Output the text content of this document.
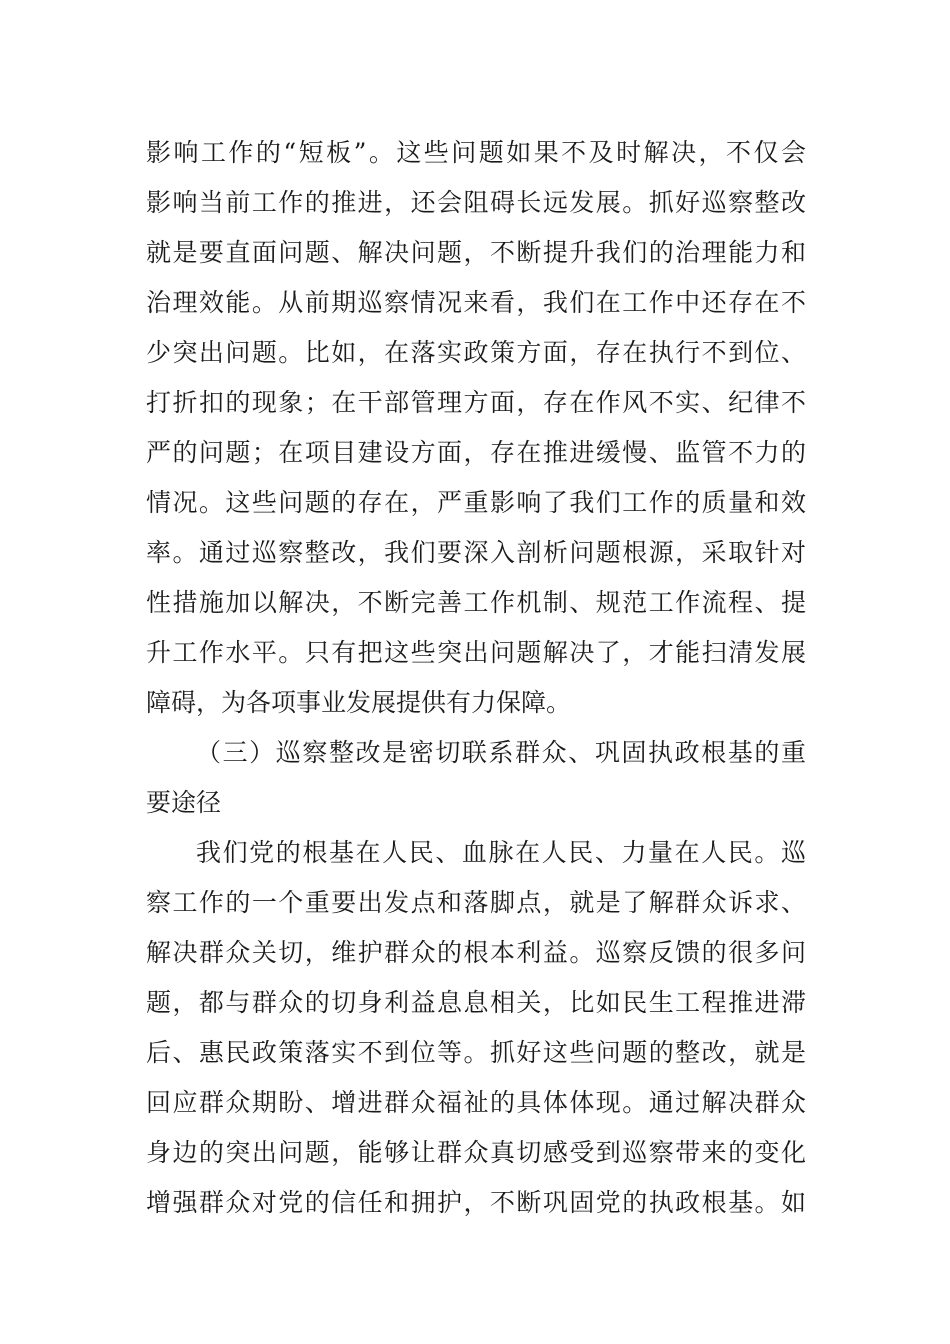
影响工作的“短板”。这些问题如果不及时解决，不仅会
影响当前工作的推进，还会阻碍长远发展。抓好巡察整改
就是要直面问题、解决问题，不断提升我们的治理能力和
治理效能。从前期巡察情况来看，我们在工作中还存在不
少突出问题。比如，在落实政策方面，存在执行不到位、
打折扣的现象；在干部管理方面，存在作风不实、纪律不
严的问题；在项目建设方面，存在推进缓慢、监管不力的
情况。这些问题的存在，严重影响了我们工作的质量和效
率。通过巡察整改，我们要深入剖析问题根源，采取针对
性措施加以解决，不断完善工作机制、规范工作流程、提
升工作水平。只有把这些突出问题解决了，才能扫清发展
障碍，为各项事业发展提供有力保障。
（三）巡察整改是密切联系群众、巩固执政根基的重
要途径
我们党的根基在人民、血脉在人民、力量在人民。巡
察工作的一个重要出发点和落脚点，就是了解群众诉求、
解决群众关切，维护群众的根本利益。巡察反馈的很多问
题，都与群众的切身利益息息相关，比如民生工程推进滞
后、惠民政策落实不到位等。抓好这些问题的整改，就是
回应群众期盼、增进群众福祉的具体体现。通过解决群众
身边的突出问题，能够让群众真切感受到巡察带来的变化
增强群众对党的信任和拥护，不断巩固党的执政根基。如
